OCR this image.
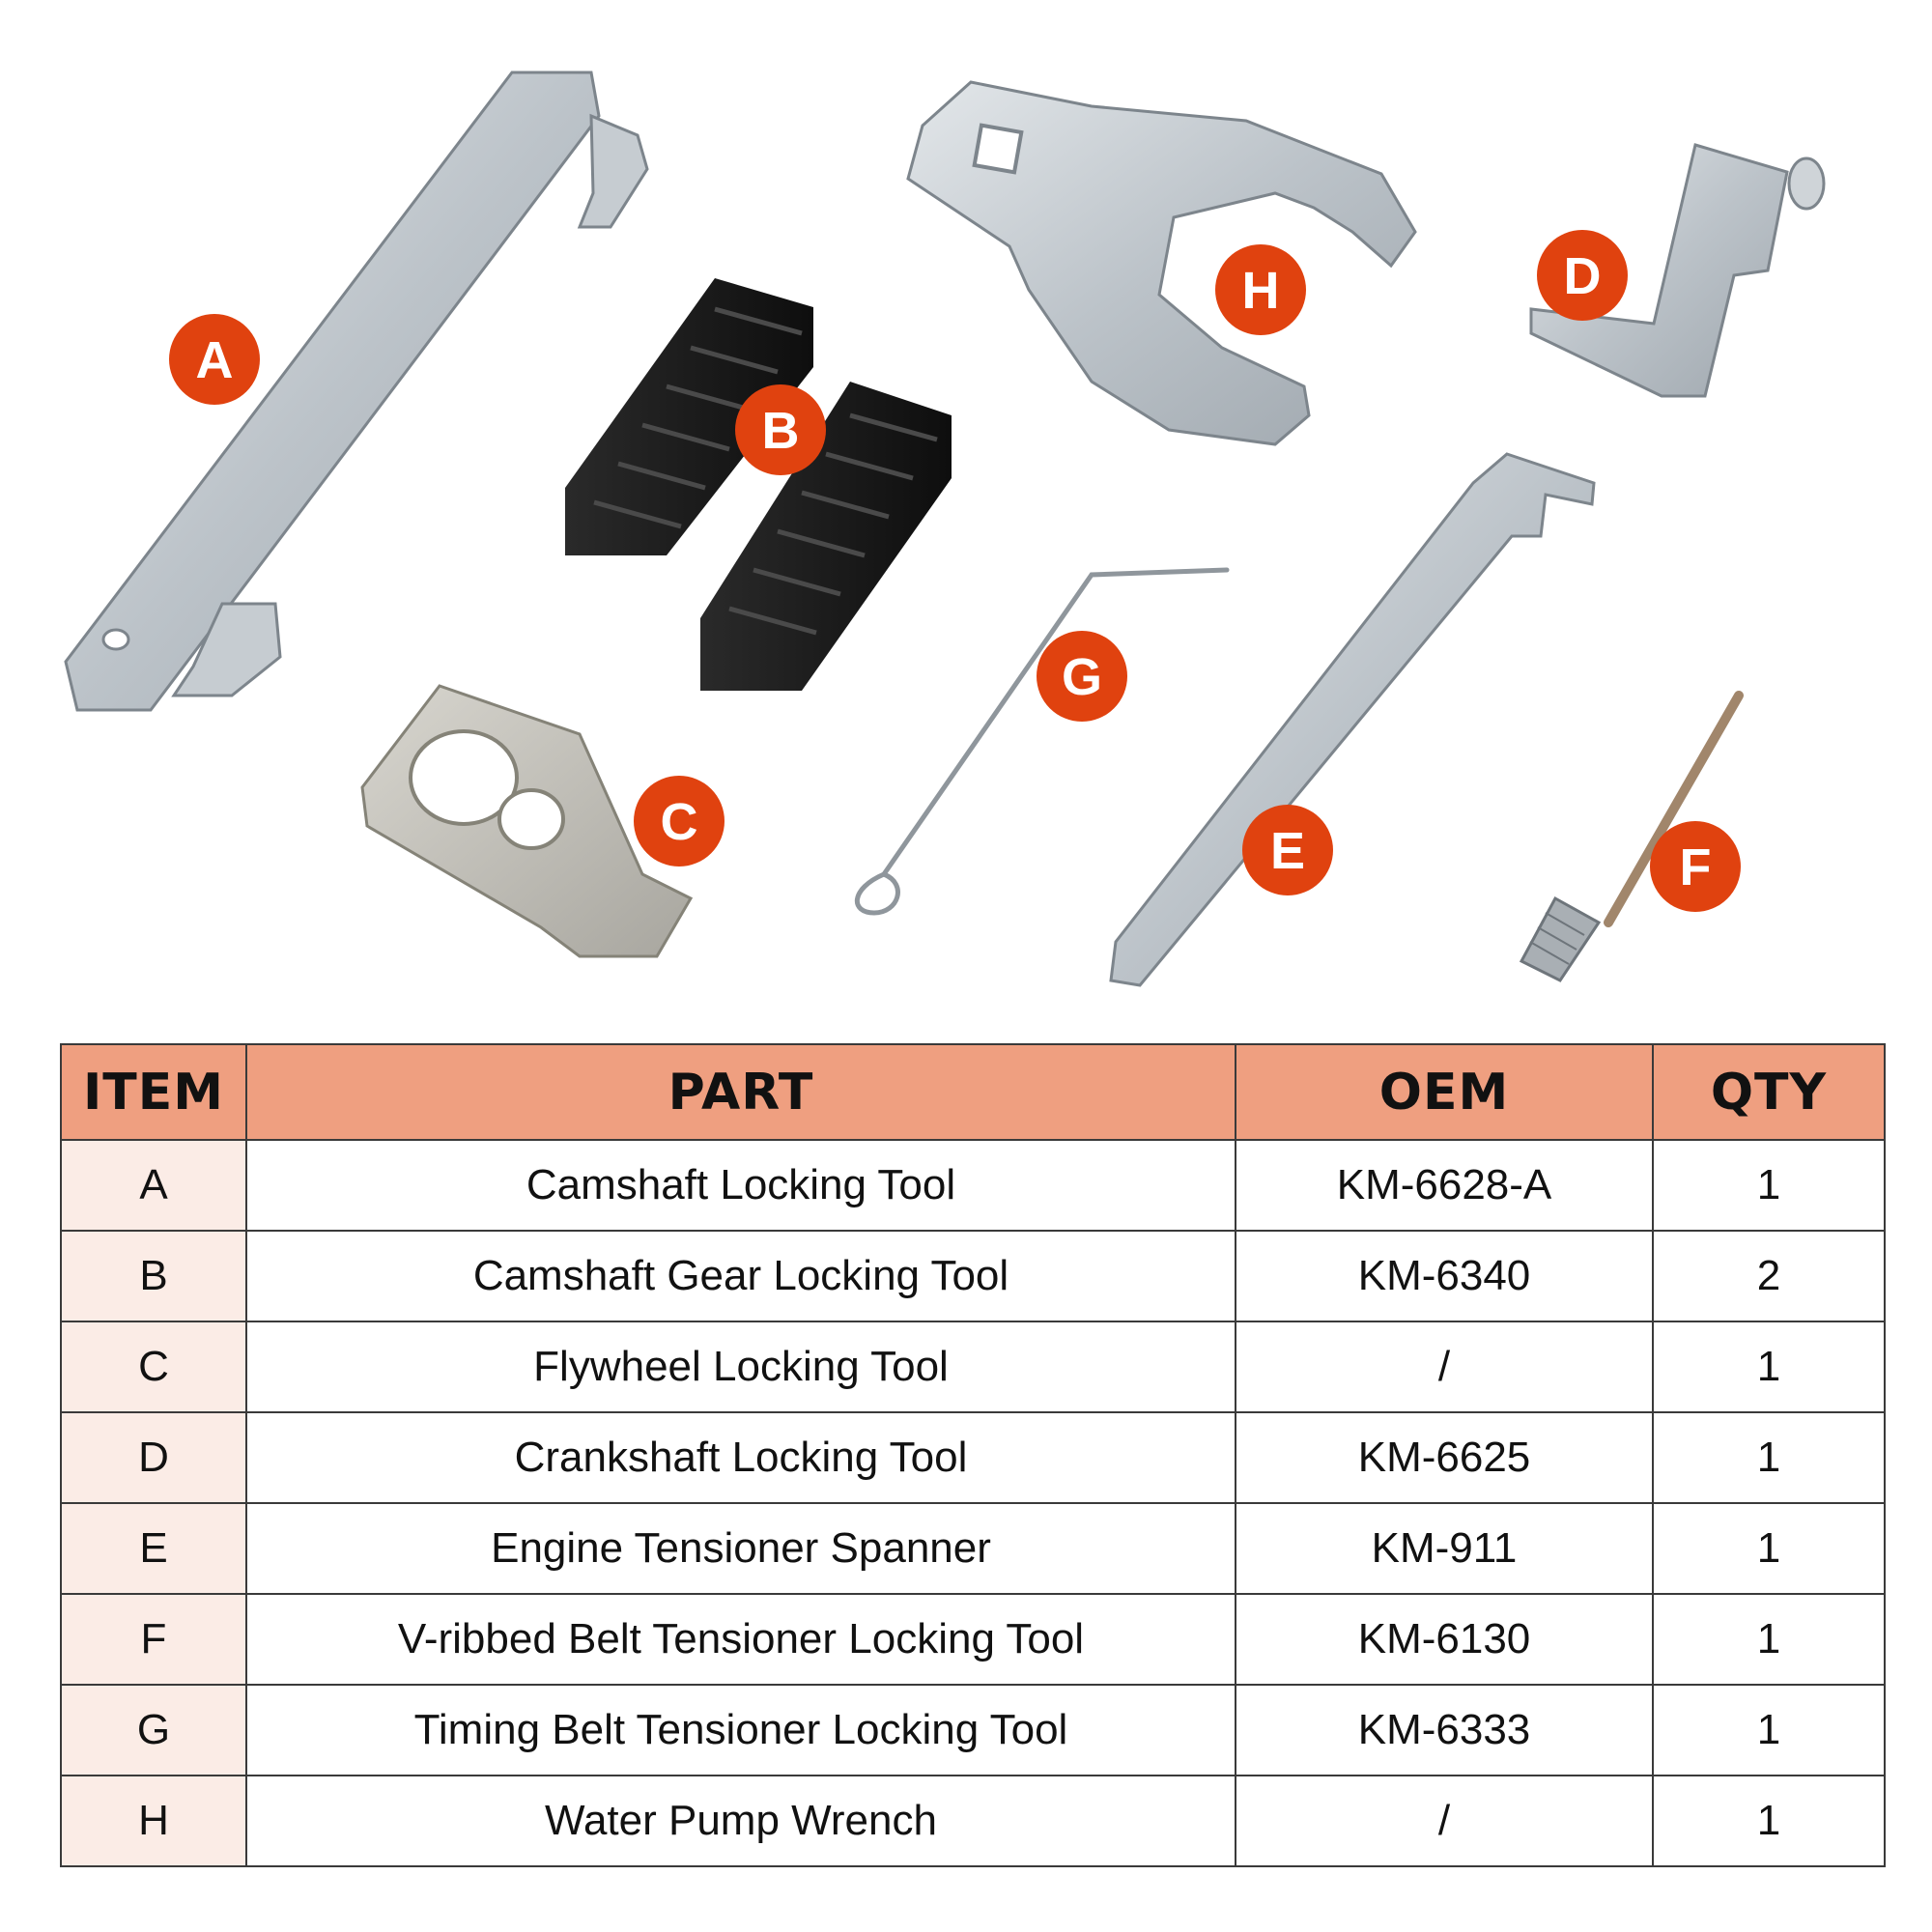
A
B
C
D
E	F
G
H
ITEM	PART	OEM	QTY
A	Camshaft Locking Tool	KM-6628-A	1
B	Camshaft Gear Locking Tool	KM-6340	2
C	Flywheel Locking Tool	/	1
D	Crankshaft Locking Tool	KM-6625	1
E	Engine Tensioner Spanner	KM-911	1
F	V-ribbed Belt Tensioner Locking Tool	KM-6130	1
G	Timing Belt Tensioner Locking Tool	KM-6333	1
H	Water Pump Wrench	/	1
